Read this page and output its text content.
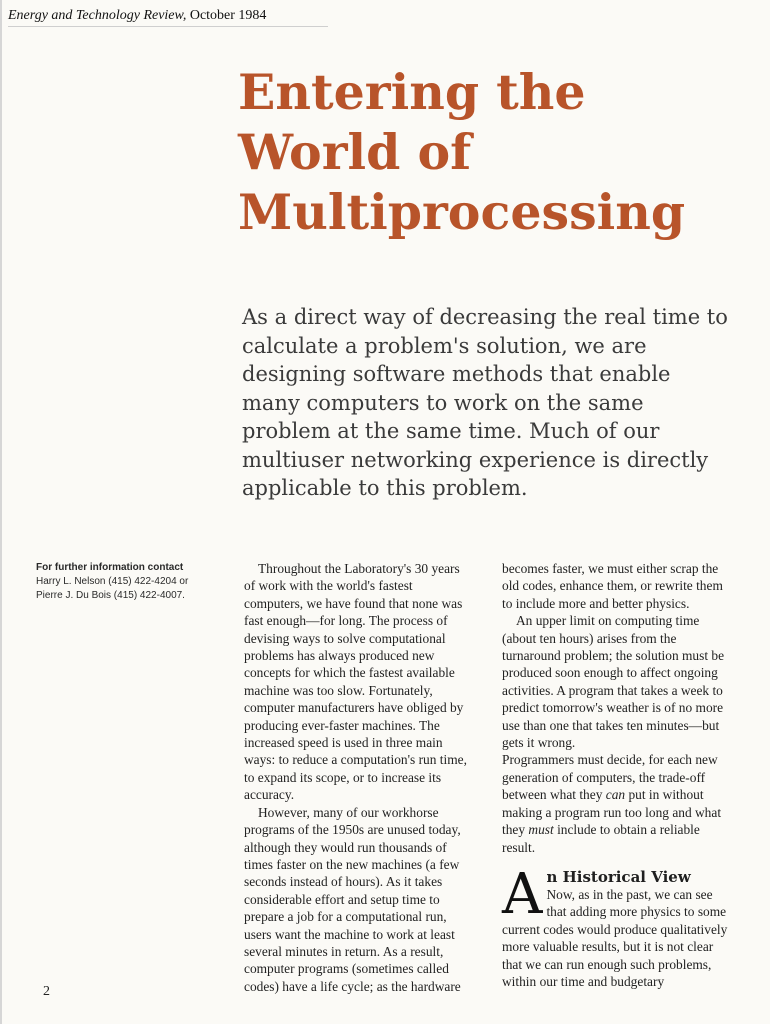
Energy and Technology Review, October 1984
Entering the
World of
Multiprocessing

As a direct way of decreasing the real time to calculate a problem's solution, we are designing software methods that enable many computers to work on the same problem at the same time. Much of our multiuser networking experience is directly applicable to this problem.

For further information contact
Harry L. Nelson (415) 422-4204 or
Pierre J. Du Bois (415) 422-4007.

Throughout the Laboratory's 30 years of work with the world's fastest computers, we have found that none was fast enough—for long. The process of devising ways to solve computational problems has always produced new concepts for which the fastest available machine was too slow. Fortunately, computer manufacturers have obliged by producing ever-faster machines. The increased speed is used in three main ways: to reduce a computation's run time, to expand its scope, or to increase its accuracy.

However, many of our workhorse programs of the 1950s are unused today, although they would run thousands of times faster on the new machines (a few seconds instead of hours). As it takes considerable effort and setup time to prepare a job for a computational run, users want the machine to work at least several minutes in return. As a result, computer programs (sometimes called codes) have a life cycle; as the hardware

becomes faster, we must either scrap the old codes, enhance them, or rewrite them to include more and better physics.

An upper limit on computing time (about ten hours) arises from the turnaround problem; the solution must be produced soon enough to affect ongoing activities. A program that takes a week to predict tomorrow's weather is of no more use than one that takes ten minutes—but gets it wrong.

Programmers must decide, for each new generation of computers, the trade-off between what they can put in without making a program run too long and what they must include to obtain a reliable result.

A n Historical View

Now, as in the past, we can see that adding more physics to some current codes would produce qualitatively more valuable results, but it is not clear that we can run enough such problems, within our time and budgetary

2
